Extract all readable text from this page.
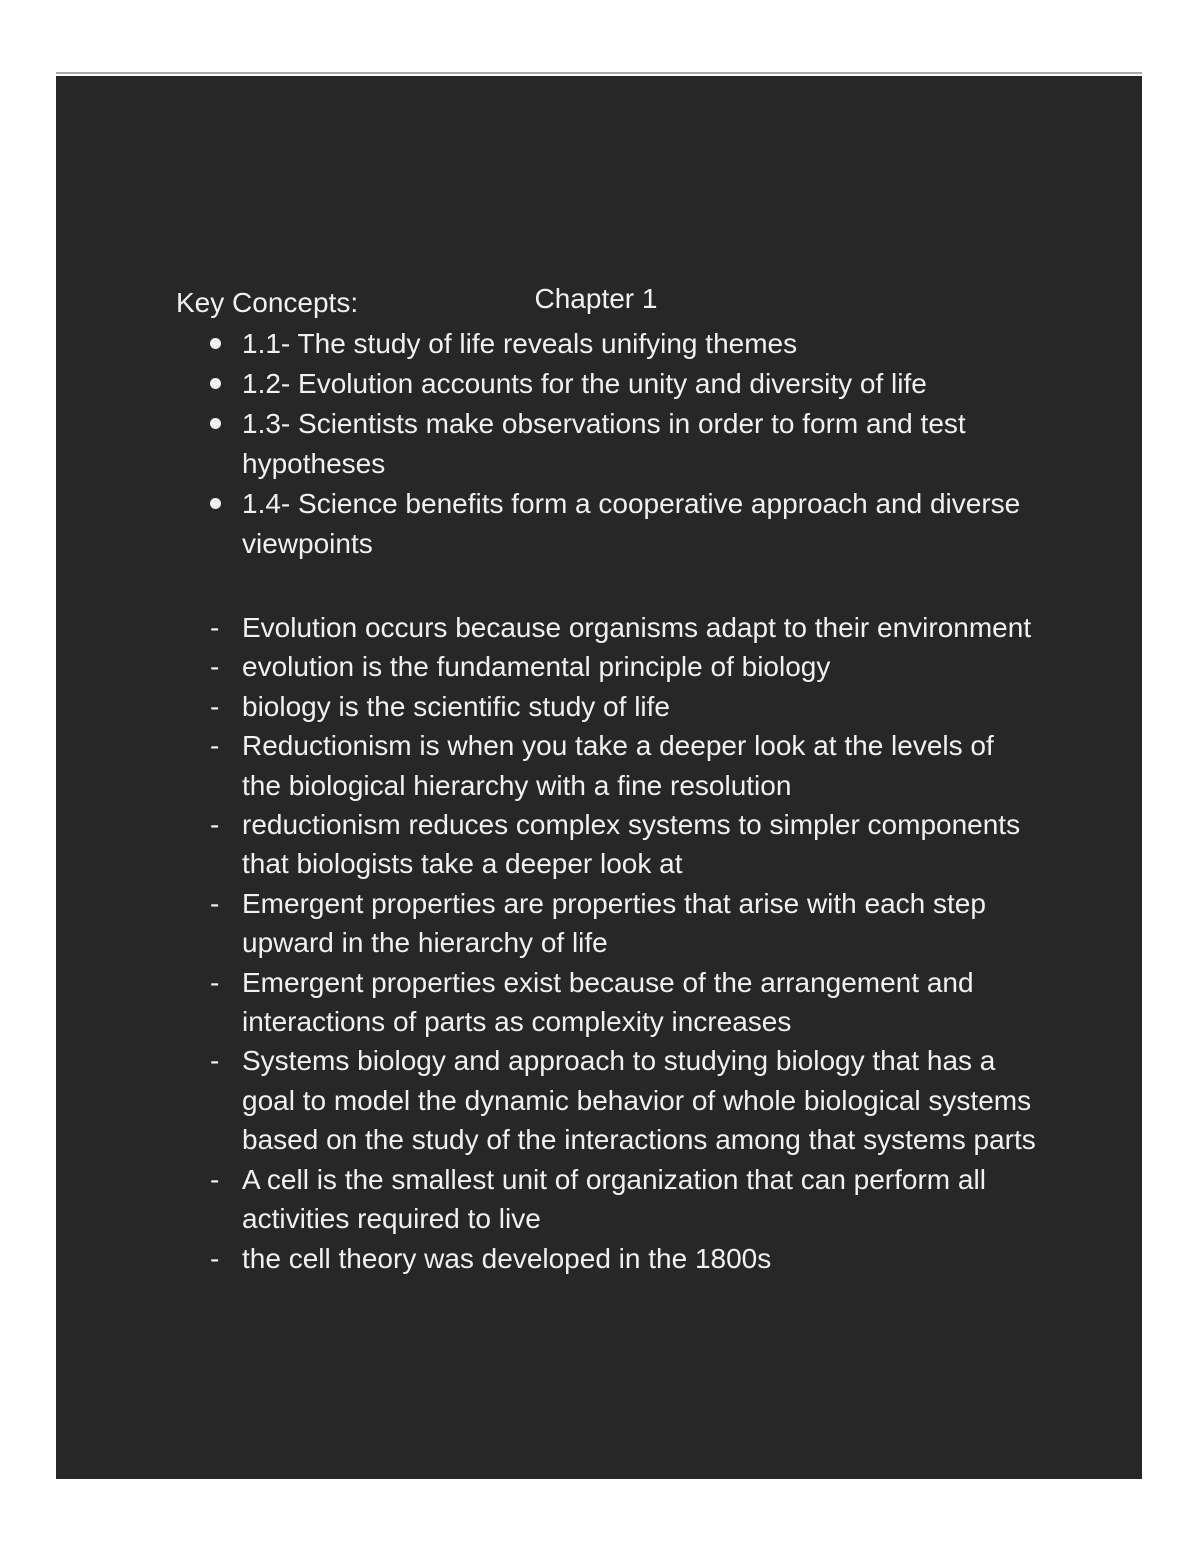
Chapter 1

Key Concepts:

1.1- The study of life reveals unifying themes
1.2- Evolution accounts for the unity and diversity of life
1.3- Scientists make observations in order to form and test hypotheses
1.4- Science benefits form a cooperative approach and diverse viewpoints
- Evolution occurs because organisms adapt to their environment
- evolution is the fundamental principle of biology
- biology is the scientific study of life
- Reductionism is when you take a deeper look at the levels of the biological hierarchy with a fine resolution
- reductionism reduces complex systems to simpler components that biologists take a deeper look at
- Emergent properties are properties that arise with each step upward in the hierarchy of life
- Emergent properties exist because of the arrangement and interactions of parts as complexity increases
- Systems biology and approach to studying biology that has a goal to model the dynamic behavior of whole biological systems based on the study of the interactions among that systems parts
- A cell is the smallest unit of organization that can perform all activities required to live
- the cell theory was developed in the 1800s
